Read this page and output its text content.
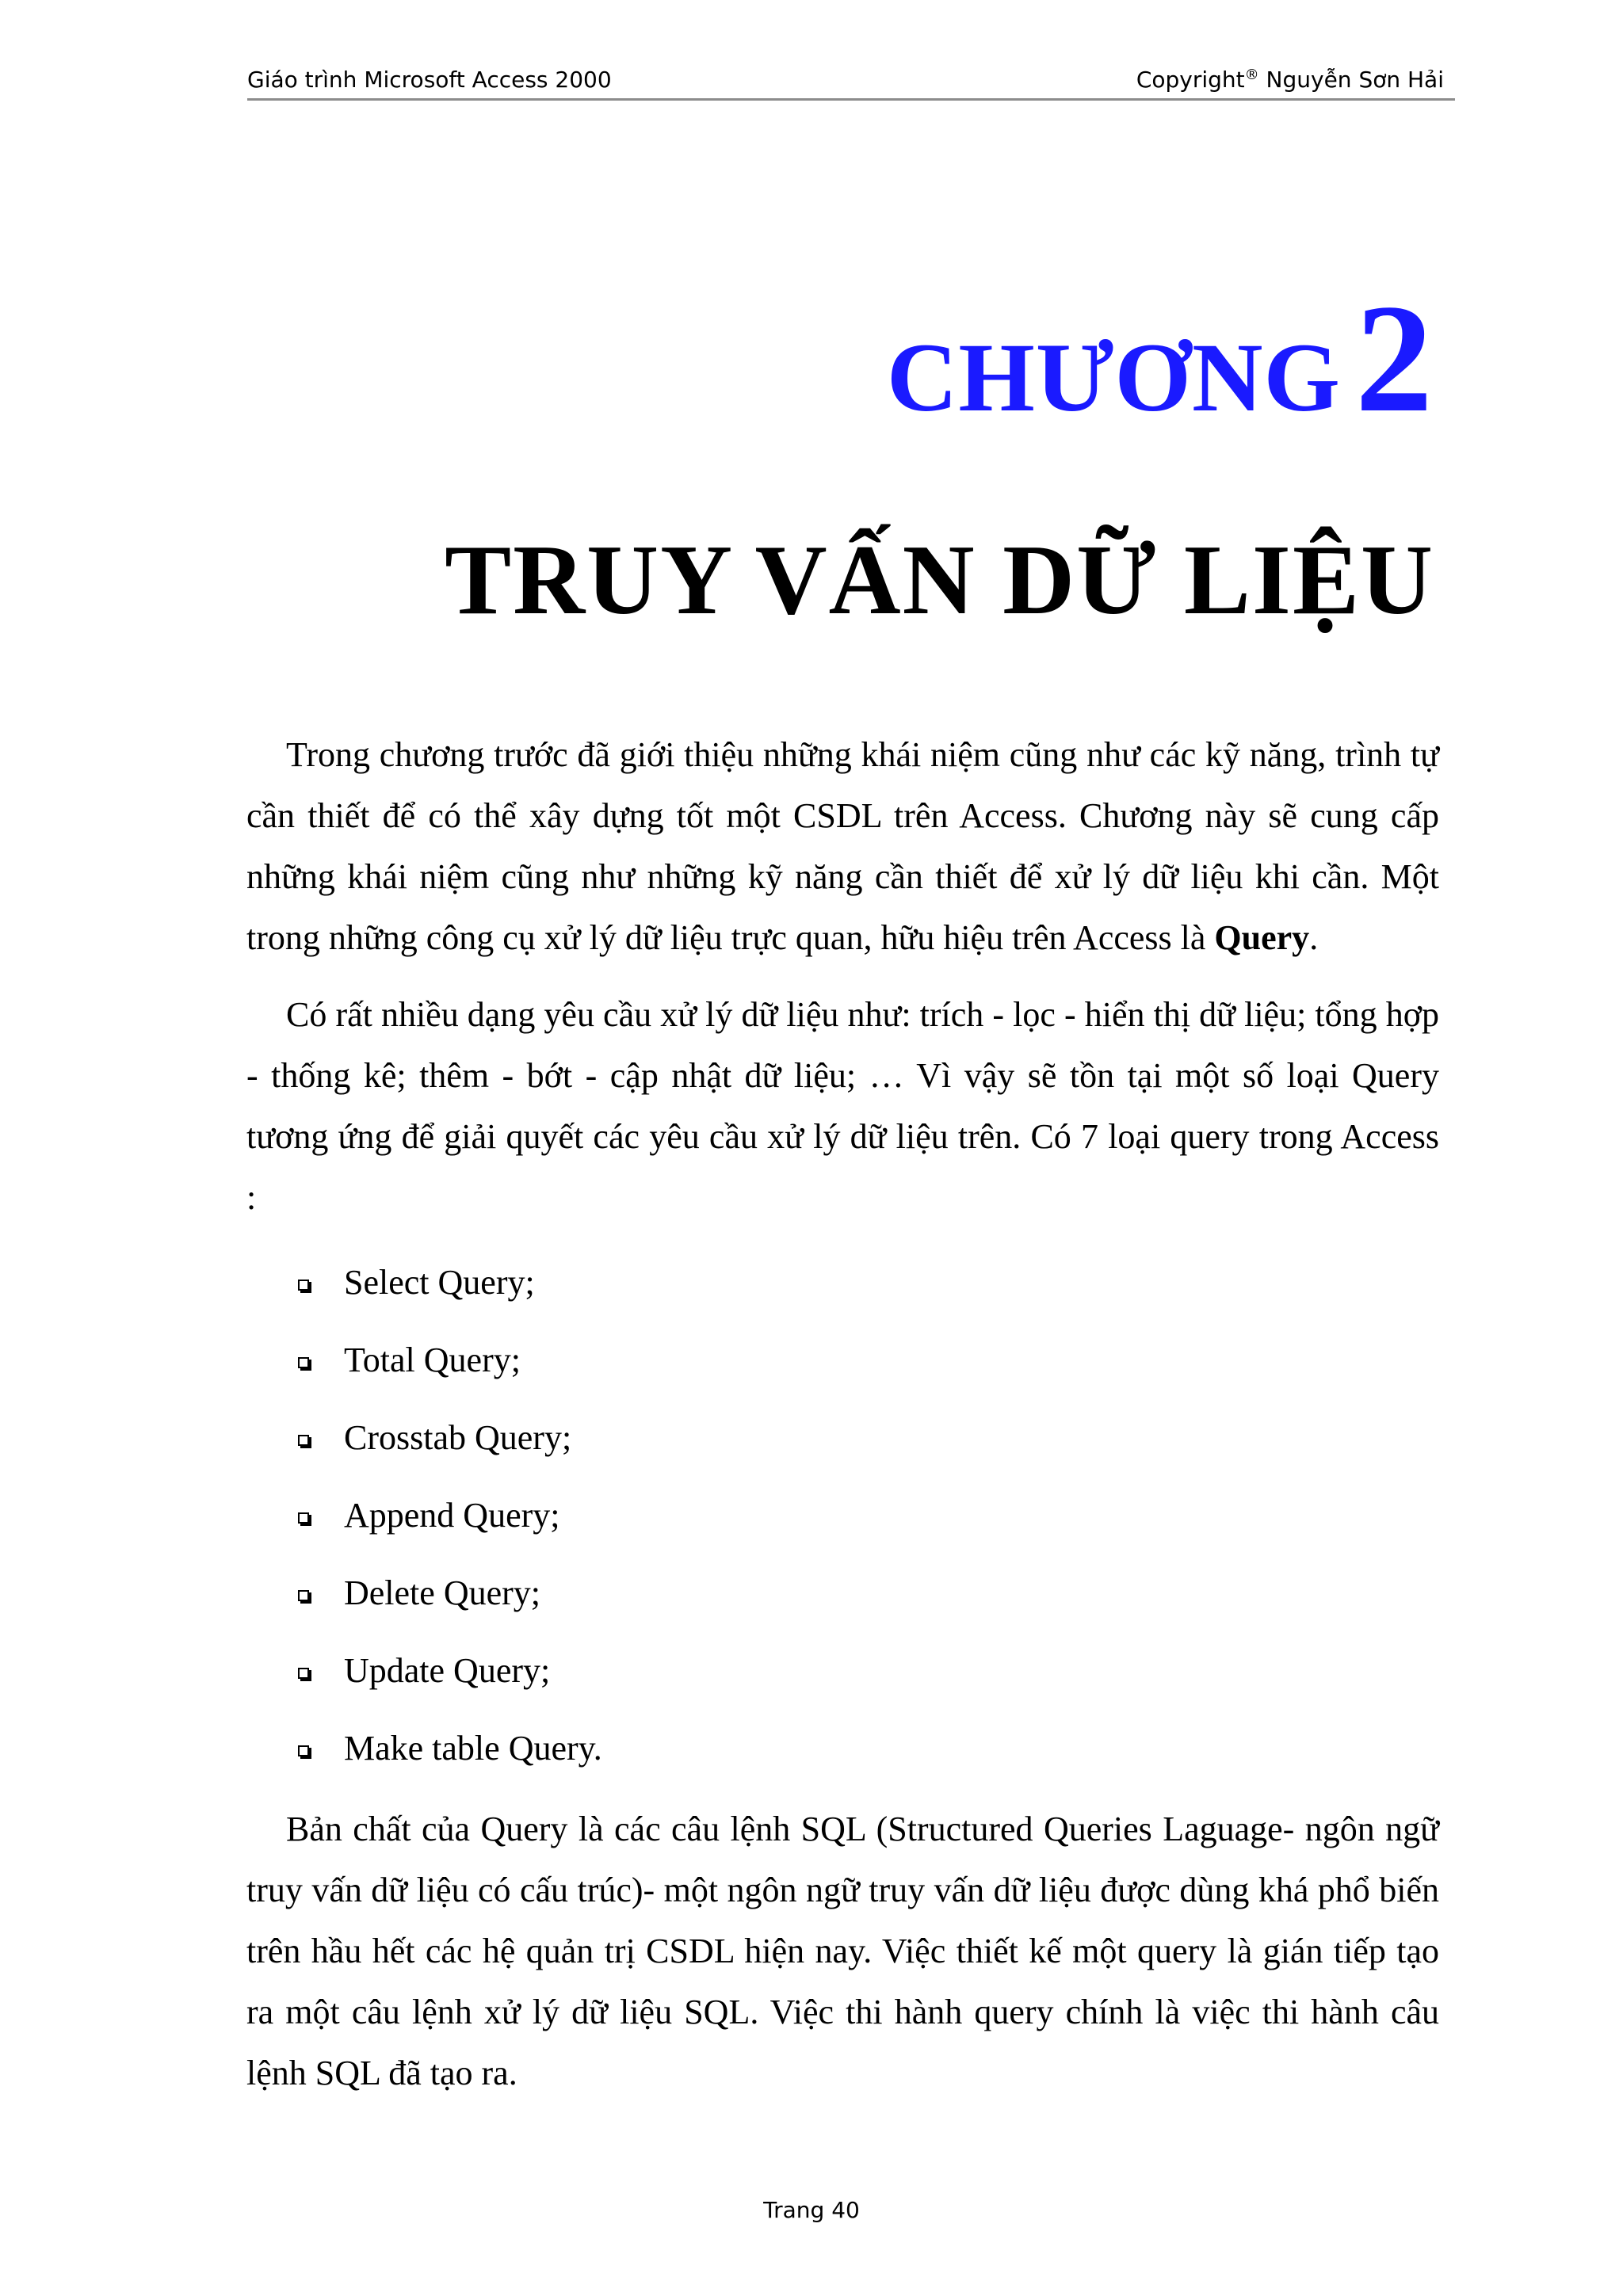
Giáo trình Microsoft Access 2000	Copyright® Nguyễn Sơn Hải
CHƯƠNG2
TRUY VẤN DỮ LIỆU

Trong chương trước đã giới thiệu những khái niệm cũng như các kỹ năng, trình tự cần thiết để có thể xây dựng tốt một CSDL trên Access. Chương này sẽ cung cấp những khái niệm cũng như những kỹ năng cần thiết để xử lý dữ liệu khi cần. Một trong những công cụ xử lý dữ liệu trực quan, hữu hiệu trên Access là Query.

Có rất nhiều dạng yêu cầu xử lý dữ liệu như: trích - lọc - hiển thị dữ liệu; tổng hợp - thống kê; thêm - bớt - cập nhật dữ liệu; … Vì vậy sẽ tồn tại một số loại Query tương ứng để giải quyết các yêu cầu xử lý dữ liệu trên. Có 7 loại query trong Access :

Select Query;
Total Query;
Crosstab Query;
Append Query;
Delete Query;
Update Query;
Make table Query.

Bản chất của Query là các câu lệnh SQL (Structured Queries Laguage- ngôn ngữ truy vấn dữ liệu có cấu trúc)- một ngôn ngữ truy vấn dữ liệu được dùng khá phổ biến trên hầu hết các hệ quản trị CSDL hiện nay. Việc thiết kế một query là gián tiếp tạo ra một câu lệnh xử lý dữ liệu SQL. Việc thi hành query chính là việc thi hành câu lệnh SQL đã tạo ra.

Trang 40
